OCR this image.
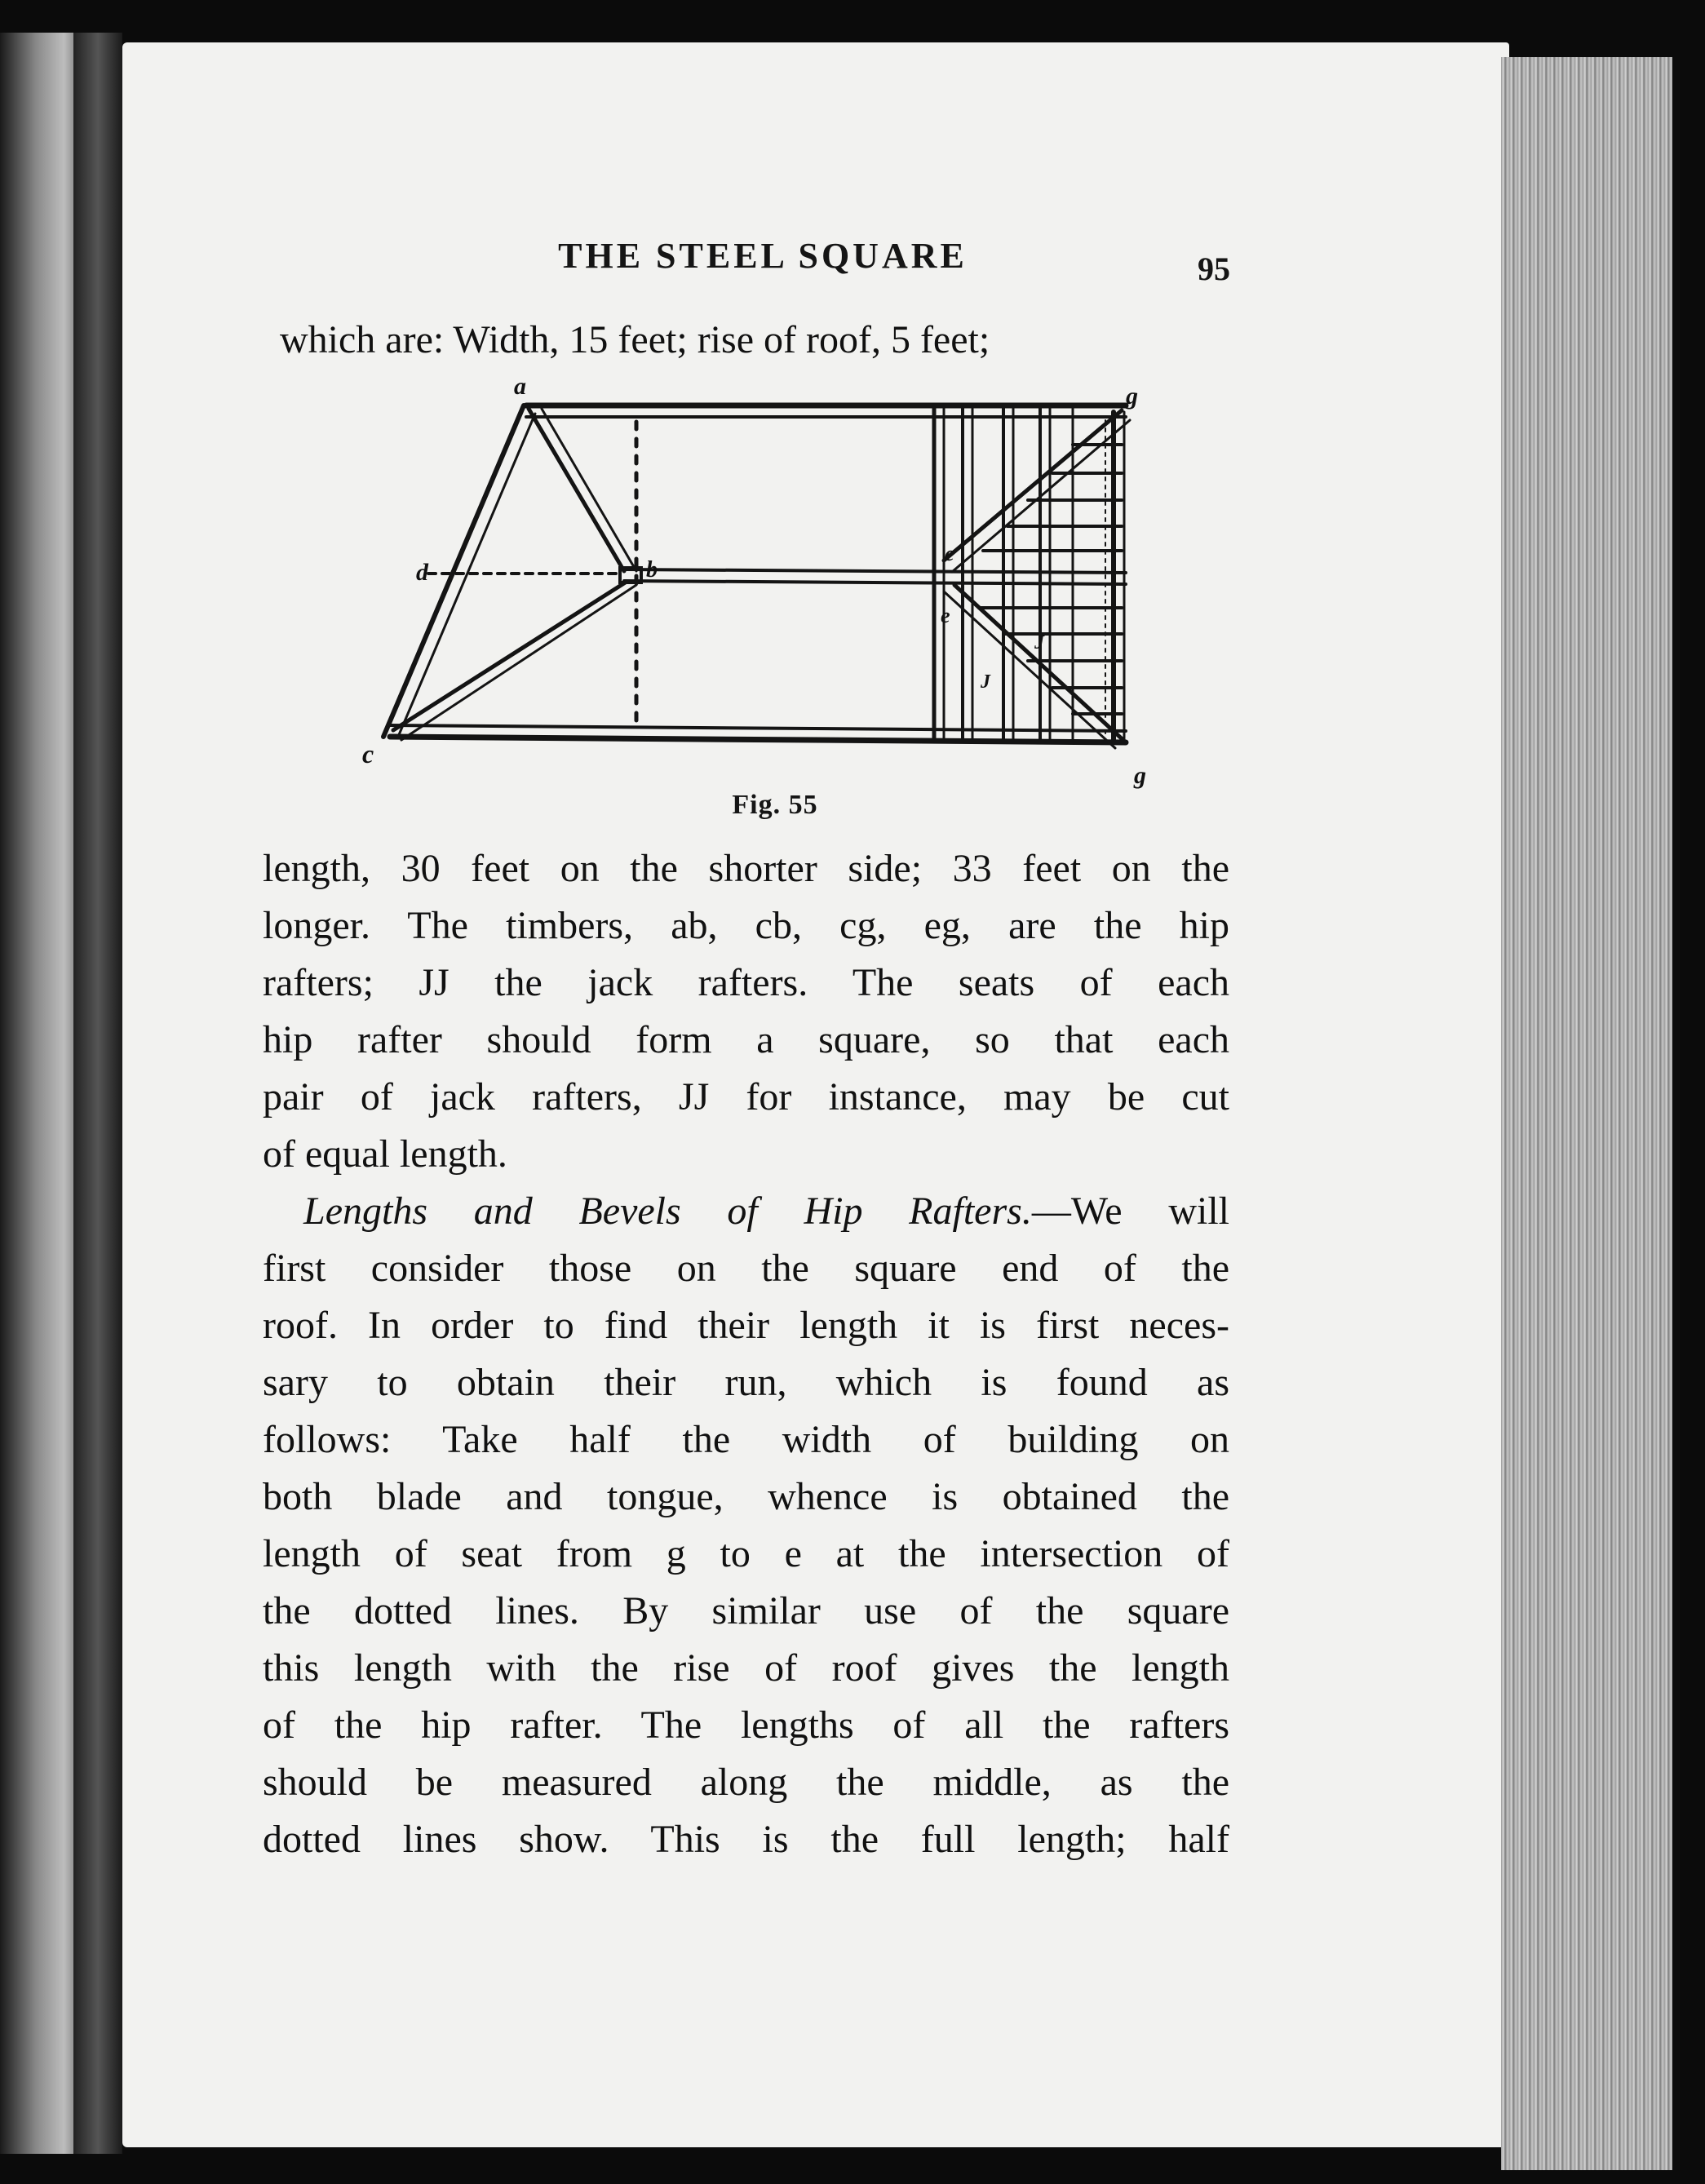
THE STEEL SQUARE	95
which are: Width, 15 feet; rise of roof, 5 feet;
a
d	b
c
e
e
g
g
J
J
Fig. 55
length, 30 feet on the shorter side; 33 feet on the
longer. The timbers, ab, cb, cg, eg, are the hip
rafters; JJ the jack rafters. The seats of each
hip rafter should form a square, so that each
pair of jack rafters, JJ for instance, may be cut
of equal length.
Lengths and Bevels of Hip Rafters.—We will
first consider those on the square end of the
roof. In order to find their length it is first neces-
sary to obtain their run, which is found as
follows: Take half the width of building on
both blade and tongue, whence is obtained the
length of seat from g to e at the intersection of
the dotted lines. By similar use of the square
this length with the rise of roof gives the length
of the hip rafter. The lengths of all the rafters
should be measured along the middle, as the
dotted lines show. This is the full length; half
